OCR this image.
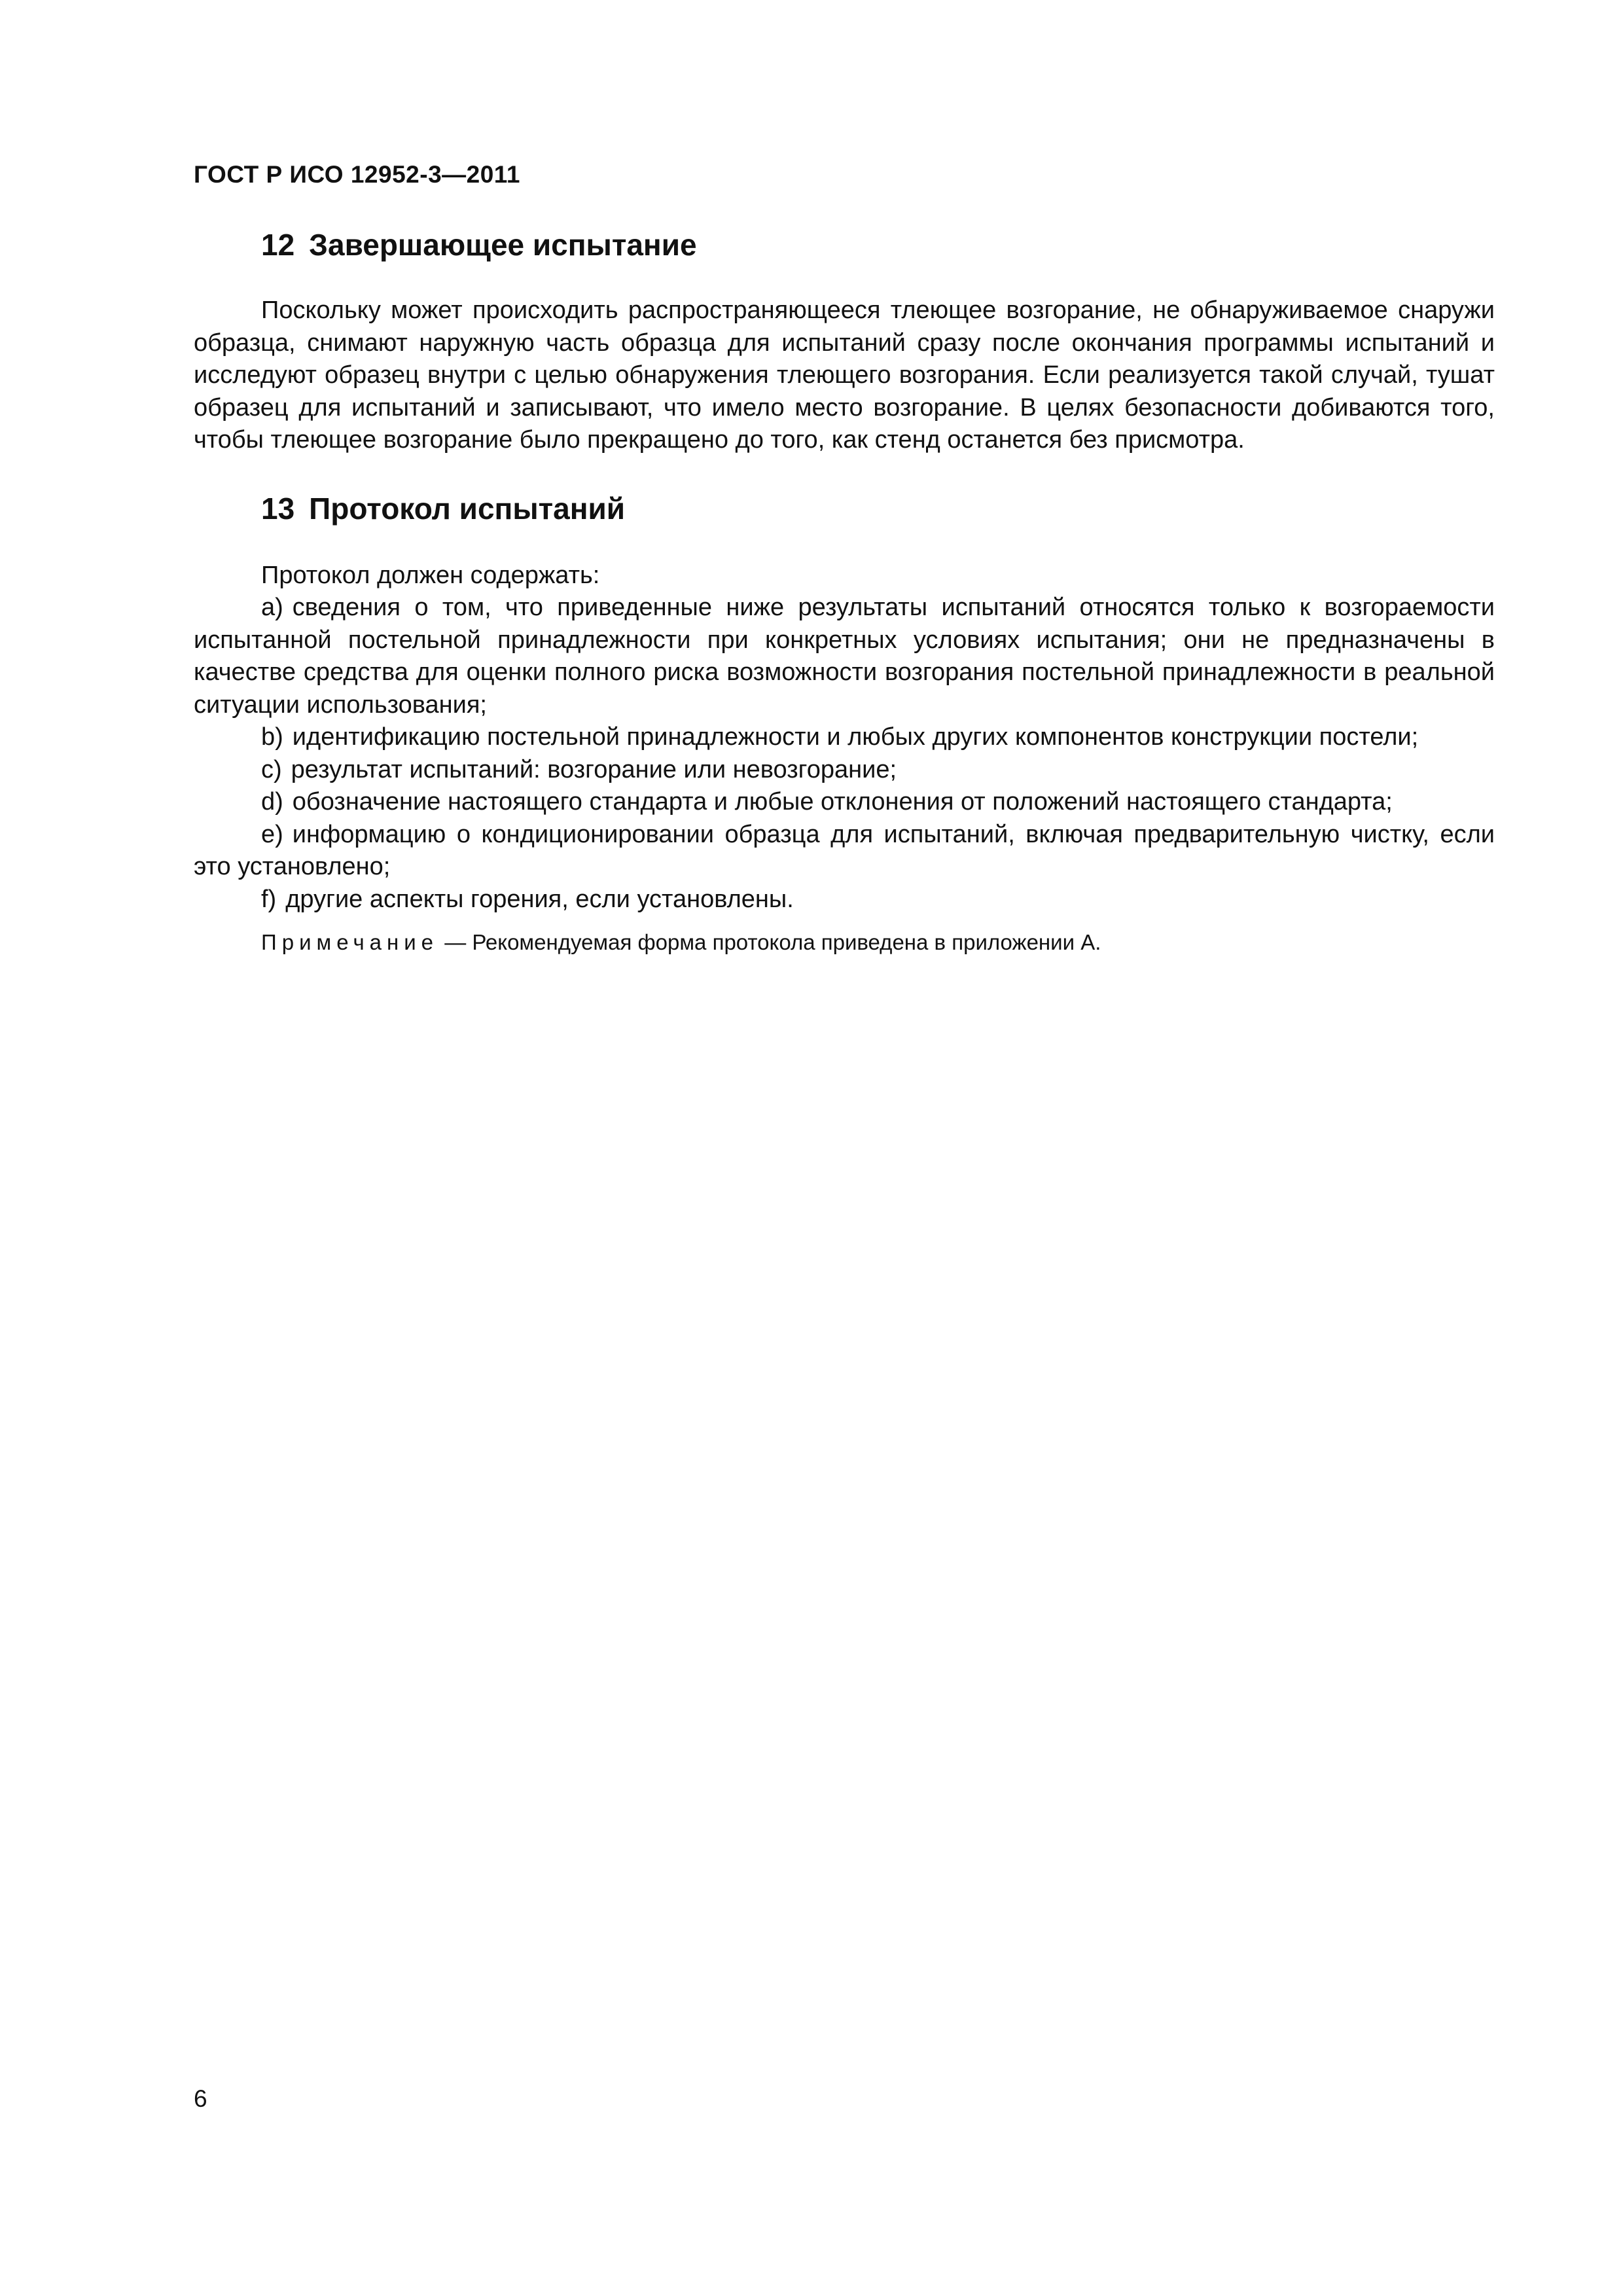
ГОСТ Р ИСО 12952-3—2011
12 Завершающее испытание

Поскольку может происходить распространяющееся тлеющее возгорание, не обнаруживаемое снаружи образца, снимают наружную часть образца для испытаний сразу после окончания программы испытаний и исследуют образец внутри с целью обнаружения тлеющего возгорания. Если реализуется такой случай, тушат образец для испытаний и записывают, что имело место возгорание. В целях безопасности добиваются того, чтобы тлеющее возгорание было прекращено до того, как стенд останется без присмотра.

13 Протокол испытаний

Протокол должен содержать:

a) сведения о том, что приведенные ниже результаты испытаний относятся только к возгораемости испытанной постельной принадлежности при конкретных условиях испытания; они не предназначены в качестве средства для оценки полного риска возможности возгорания постельной принадлежности в реальной ситуации использования;

b) идентификацию постельной принадлежности и любых других компонентов конструкции постели;

c) результат испытаний: возгорание или невозгорание;

d) обозначение настоящего стандарта и любые отклонения от положений настоящего стандарта;

e) информацию о кондиционировании образца для испытаний, включая предварительную чистку, если это установлено;

f) другие аспекты горения, если установлены.

Примечание — Рекомендуемая форма протокола приведена в приложении А.

6
